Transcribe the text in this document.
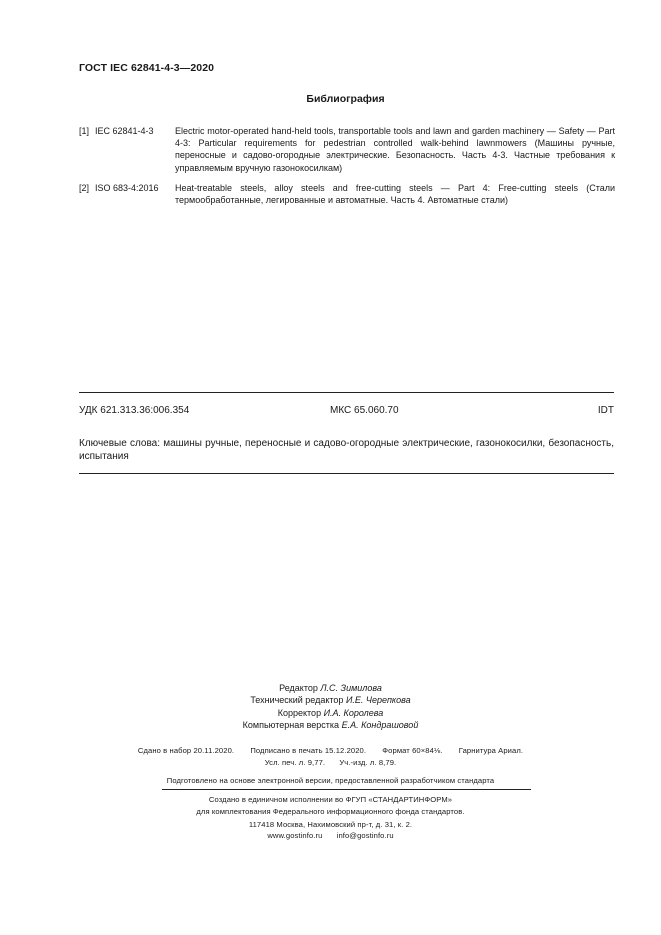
ГОСТ IEC 62841-4-3—2020
Библиография
[1] IEC 62841-4-3	Electric motor-operated hand-held tools, transportable tools and lawn and garden machinery — Safety — Part 4-3: Particular requirements for pedestrian controlled walk-behind lawnmowers (Машины ручные, переносные и садово-огородные электрические. Безопасность. Часть 4-3. Частные требования к управляемым вручную газонокосилкам)
[2] ISO 683-4:2016	Heat-treatable steels, alloy steels and free-cutting steels — Part 4: Free-cutting steels (Стали термообработанные, легированные и автоматные. Часть 4. Автоматные стали)
УДК 621.313.36:006.354	МКС 65.060.70	IDT
Ключевые слова: машины ручные, переносные и садово-огородные электрические, газонокосилки, безопасность, испытания
Редактор Л.С. Зимилова
Технический редактор И.Е. Черепкова
Корректор И.А. Королева
Компьютерная верстка Е.А. Кондрашовой
Сдано в набор 20.11.2020. Подписано в печать 15.12.2020. Формат 60×84⅛. Гарнитура Ариал.
Усл. печ. л. 9,77. Уч.-изд. л. 8,79.
Подготовлено на основе электронной версии, предоставленной разработчиком стандарта
Создано в единичном исполнении во ФГУП «СТАНДАРТИНФОРМ»
для комплектования Федерального информационного фонда стандартов.
117418 Москва, Нахимовский пр-т, д. 31, к. 2.
www.gostinfo.ru info@gostinfo.ru
